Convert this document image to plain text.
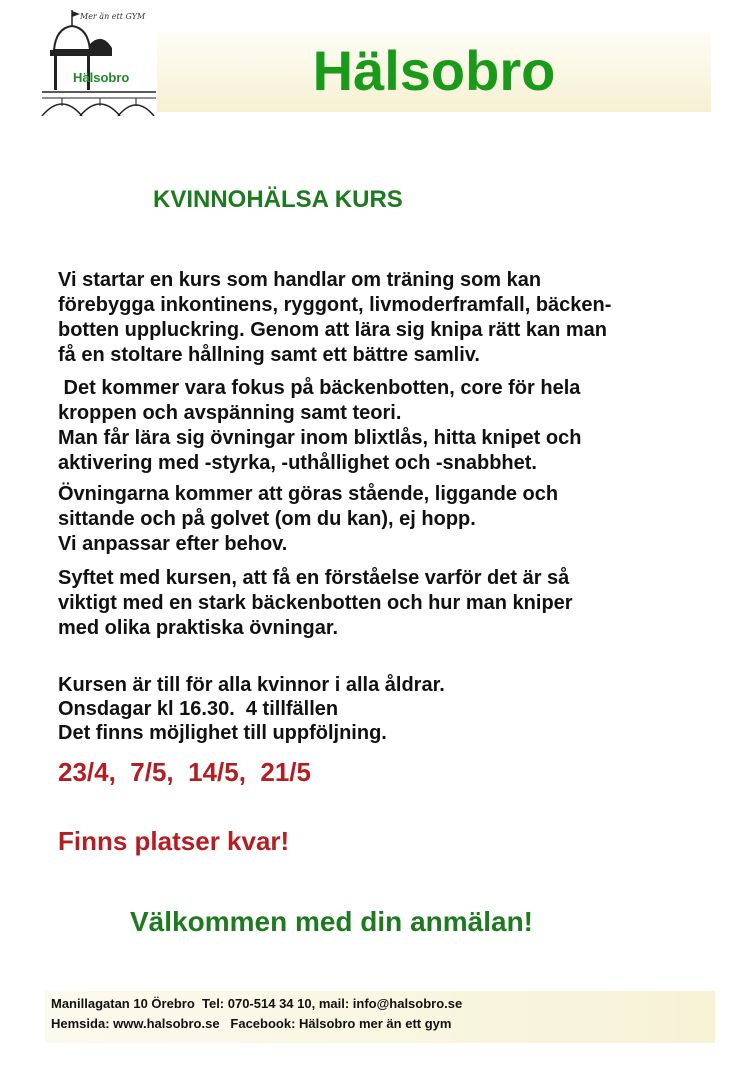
Mer än ett GYM
Hälsobro	Hälsobro
KVINNOHÄLSA KURS
Vi startar en kurs som handlar om träning som kan
förebygga inkontinens, ryggont, livmoderframfall, bäcken-
botten uppluckring. Genom att lära sig knipa rätt kan man
få en stoltare hållning samt ett bättre samliv.
Det kommer vara fokus på bäckenbotten, core för hela
kroppen och avspänning samt teori.
Man får lära sig övningar inom blixtlås, hitta knipet och
aktivering med -styrka, -uthållighet och -snabbhet.
Övningarna kommer att göras stående, liggande och
sittande och på golvet (om du kan), ej hopp.
Vi anpassar efter behov.
Syftet med kursen, att få en förståelse varför det är så
viktigt med en stark bäckenbotten och hur man kniper
med olika praktiska övningar.
Kursen är till för alla kvinnor i alla åldrar.
Onsdagar kl 16.30.  4 tillfällen
Det finns möjlighet till uppföljning.
23/4,  7/5,  14/5,  21/5
Finns platser kvar!
Välkommen med din anmälan!
Manillagatan 10 Örebro  Tel: 070-514 34 10, mail: info@halsobro.se
Hemsida: www.halsobro.se   Facebook: Hälsobro mer än ett gym
